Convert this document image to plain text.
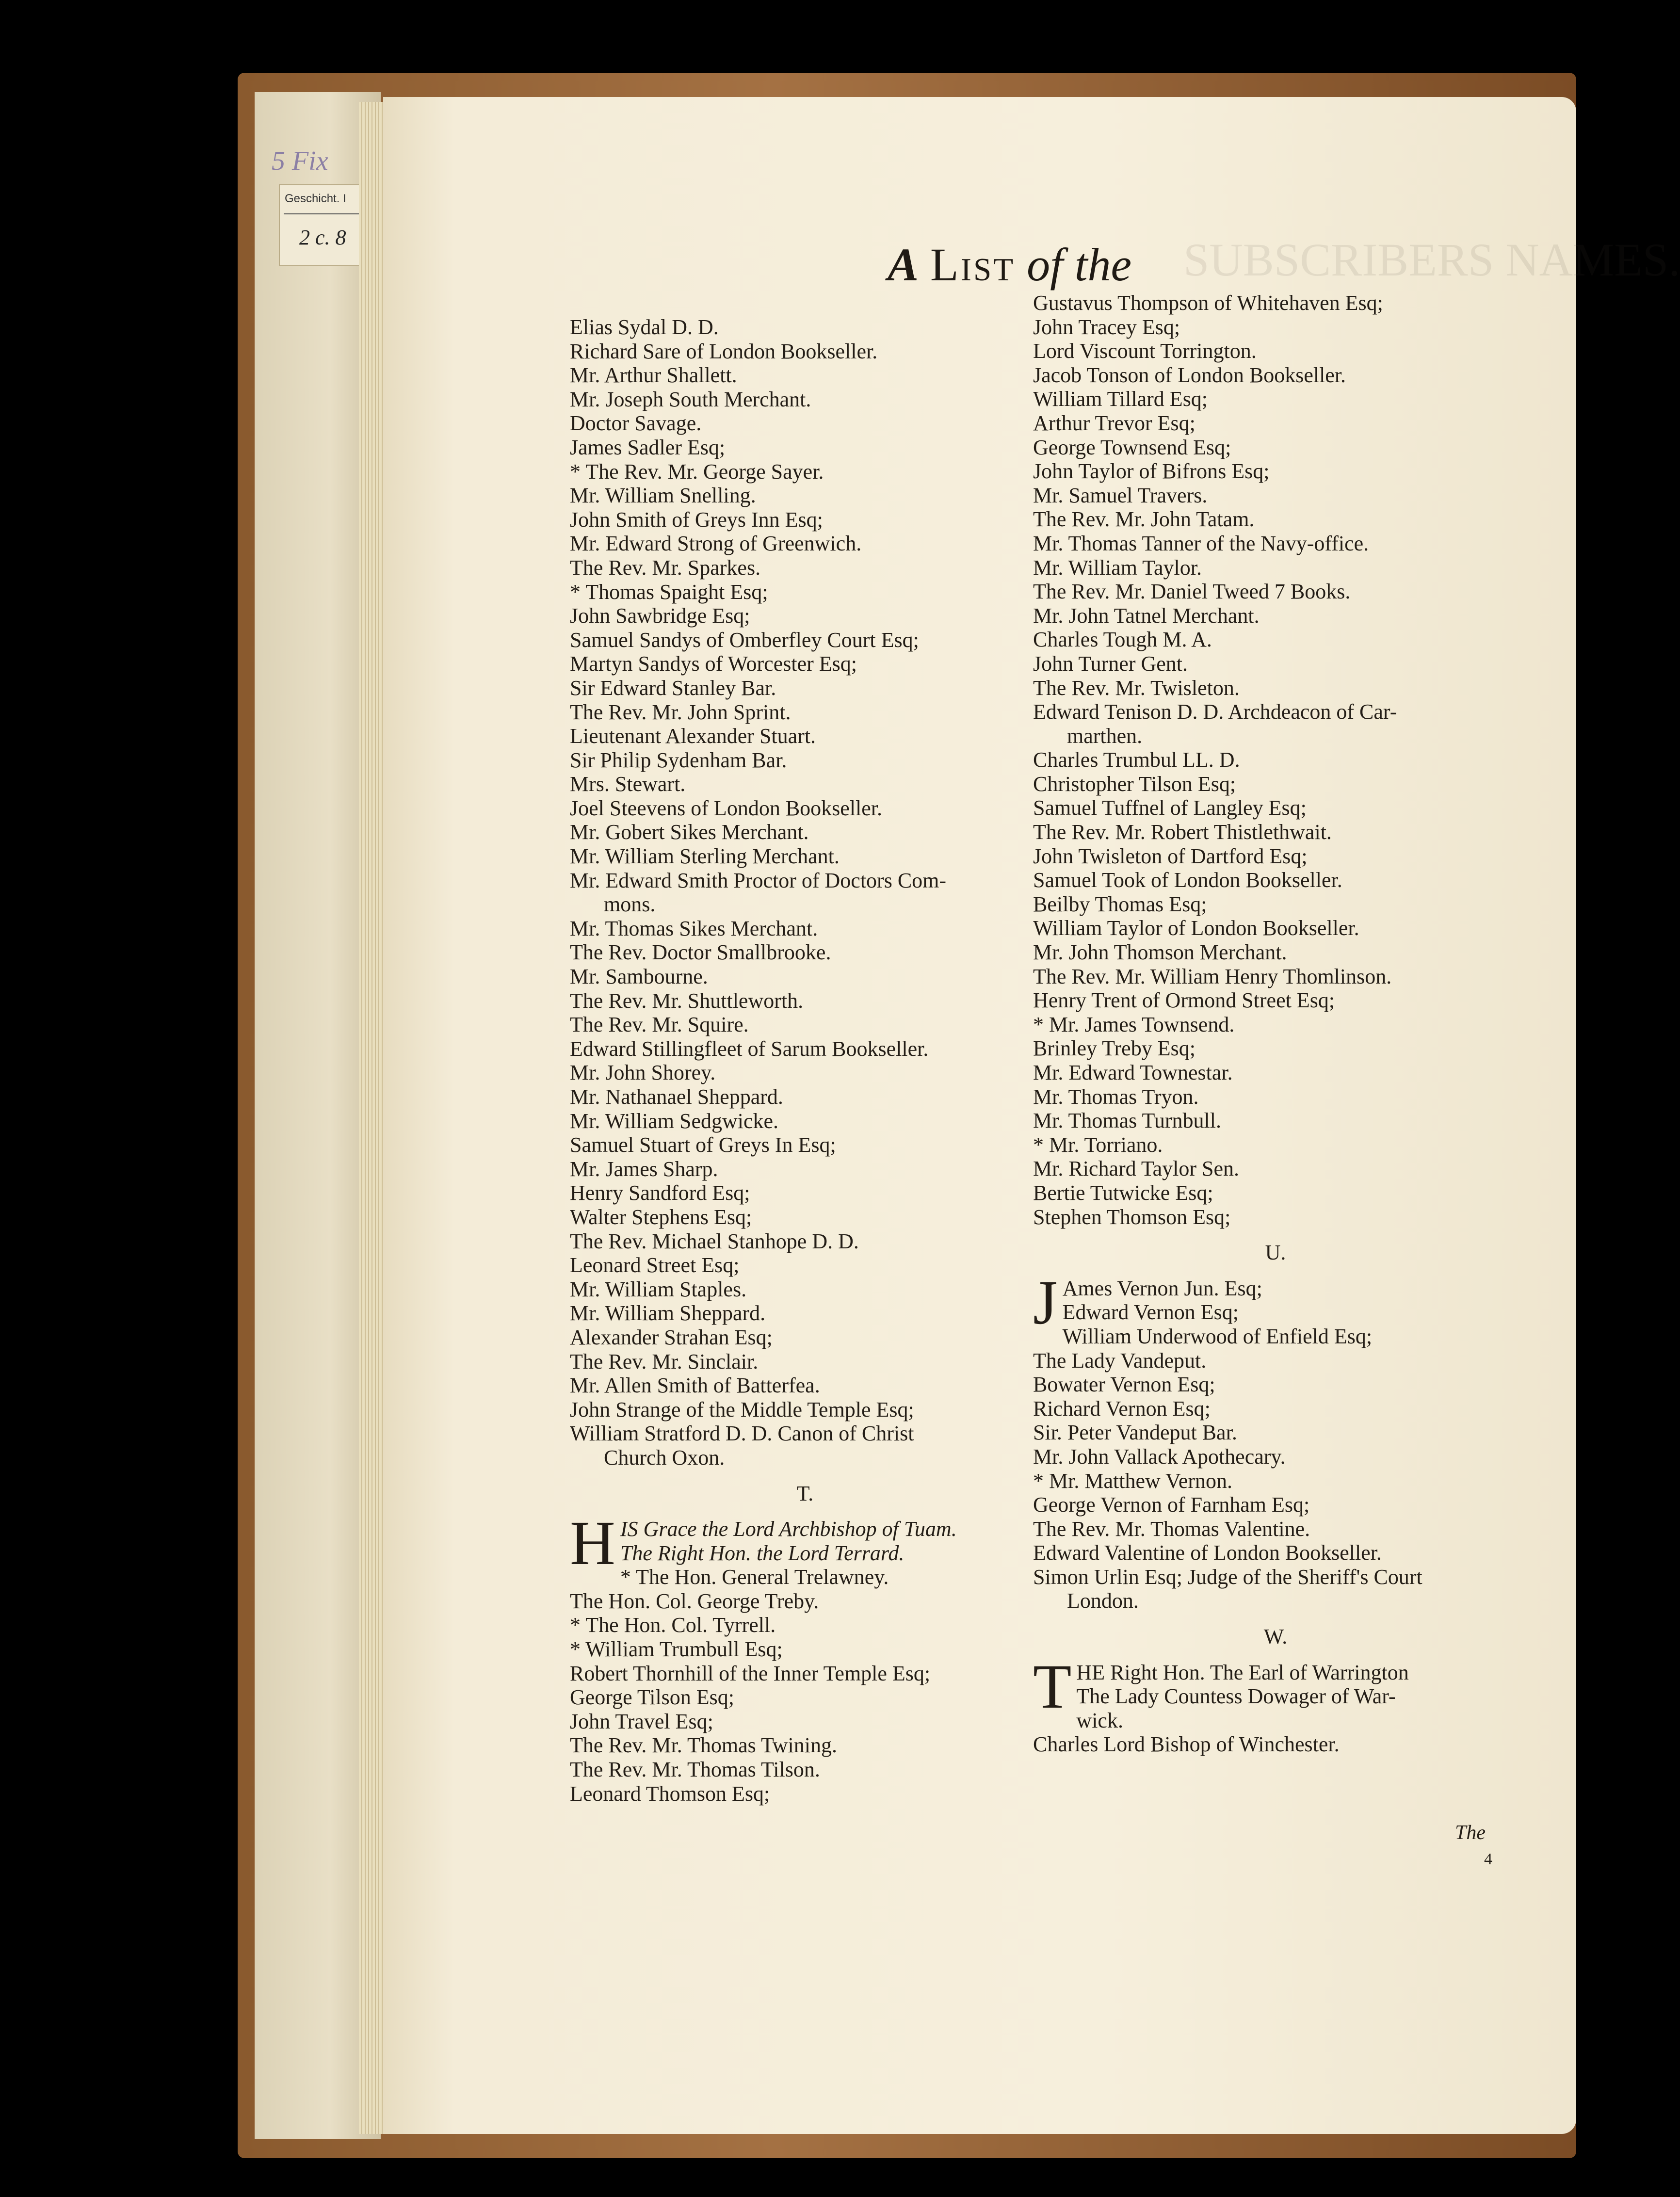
5 Fix
Geschicht. I
2 c. 8	SUBSCRIBERS NAMES.
A List of the
Elias Sydal D. D.
Richard Sare of London Bookseller.
Mr. Arthur Shallett.
Mr. Joseph South Merchant.
Doctor Savage.
James Sadler Esq;
* The Rev. Mr. George Sayer.
Mr. William Snelling.
John Smith of Greys Inn Esq;
Mr. Edward Strong of Greenwich.
The Rev. Mr. Sparkes.
* Thomas Spaight Esq;
John Sawbridge Esq;
Samuel Sandys of Omberfley Court Esq;
Martyn Sandys of Worcester Esq;
Sir Edward Stanley Bar.
The Rev. Mr. John Sprint.
Lieutenant Alexander Stuart.
Sir Philip Sydenham Bar.
Mrs. Stewart.
Joel Steevens of London Bookseller.
Mr. Gobert Sikes Merchant.
Mr. William Sterling Merchant.
Mr. Edward Smith Proctor of Doctors Com-
mons.
Mr. Thomas Sikes Merchant.
The Rev. Doctor Smallbrooke.
Mr. Sambourne.
The Rev. Mr. Shuttleworth.
The Rev. Mr. Squire.
Edward Stillingfleet of Sarum Bookseller.
Mr. John Shorey.
Mr. Nathanael Sheppard.
Mr. William Sedgwicke.
Samuel Stuart of Greys In Esq;
Mr. James Sharp.
Henry Sandford Esq;
Walter Stephens Esq;
The Rev. Michael Stanhope D. D.
Leonard Street Esq;
Mr. William Staples.
Mr. William Sheppard.
Alexander Strahan Esq;
The Rev. Mr. Sinclair.
Mr. Allen Smith of Batterfea.
John Strange of the Middle Temple Esq;
William Stratford D. D. Canon of Christ
Church Oxon.
T.
H IS Grace the Lord Archbishop of Tuam.
The Right Hon. the Lord Terrard.
* The Hon. General Trelawney.
The Hon. Col. George Treby.
* The Hon. Col. Tyrrell.
* William Trumbull Esq;
Robert Thornhill of the Inner Temple Esq;
George Tilson Esq;
John Travel Esq;
The Rev. Mr. Thomas Twining.
The Rev. Mr. Thomas Tilson.
Leonard Thomson Esq;
Gustavus Thompson of Whitehaven Esq;
John Tracey Esq;
Lord Viscount Torrington.
Jacob Tonson of London Bookseller.
William Tillard Esq;
Arthur Trevor Esq;
George Townsend Esq;
John Taylor of Bifrons Esq;
Mr. Samuel Travers.
The Rev. Mr. John Tatam.
Mr. Thomas Tanner of the Navy-office.
Mr. William Taylor.
The Rev. Mr. Daniel Tweed 7 Books.
Mr. John Tatnel Merchant.
Charles Tough M. A.
John Turner Gent.
The Rev. Mr. Twisleton.
Edward Tenison D. D. Archdeacon of Car-
marthen.
Charles Trumbul LL. D.
Christopher Tilson Esq;
Samuel Tuffnel of Langley Esq;
The Rev. Mr. Robert Thistlethwait.
John Twisleton of Dartford Esq;
Samuel Took of London Bookseller.
Beilby Thomas Esq;
William Taylor of London Bookseller.
Mr. John Thomson Merchant.
The Rev. Mr. William Henry Thomlinson.
Henry Trent of Ormond Street Esq;
* Mr. James Townsend.
Brinley Treby Esq;
Mr. Edward Townestar.
Mr. Thomas Tryon.
Mr. Thomas Turnbull.
* Mr. Torriano.
Mr. Richard Taylor Sen.
Bertie Tutwicke Esq;
Stephen Thomson Esq;
U.
J Ames Vernon Jun. Esq;
Edward Vernon Esq;
William Underwood of Enfield Esq;
The Lady Vandeput.
Bowater Vernon Esq;
Richard Vernon Esq;
Sir. Peter Vandeput Bar.
Mr. John Vallack Apothecary.
* Mr. Matthew Vernon.
George Vernon of Farnham Esq;
The Rev. Mr. Thomas Valentine.
Edward Valentine of London Bookseller.
Simon Urlin Esq; Judge of the Sheriff's Court
London.
W.
T HE Right Hon. The Earl of Warrington
The Lady Countess Dowager of War-
wick.
Charles Lord Bishop of Winchester.
The
4
